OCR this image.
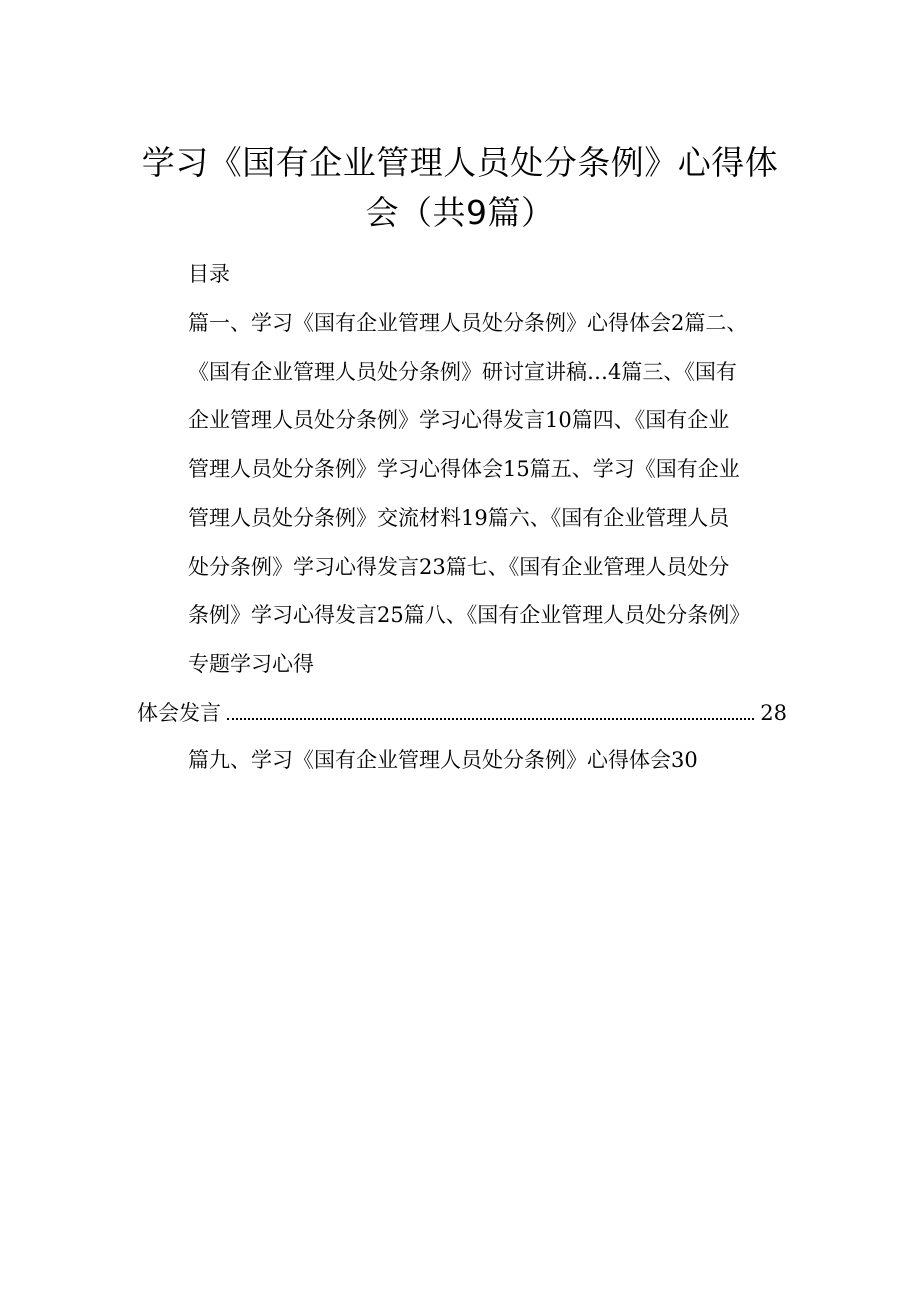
学习《国有企业管理人员处分条例》心得体
会（共9篇）

目录

篇一、学习《国有企业管理人员处分条例》心得体会2篇二、

《国有企业管理人员处分条例》研讨宣讲稿…4篇三、《国有

企业管理人员处分条例》学习心得发言10篇四、《国有企业

管理人员处分条例》学习心得体会15篇五、学习《国有企业

管理人员处分条例》交流材料19篇六、《国有企业管理人员

处分条例》学习心得发言23篇七、《国有企业管理人员处分

条例》学习心得发言25篇八、《国有企业管理人员处分条例》

专题学习心得

体会发言	28

篇九、学习《国有企业管理人员处分条例》心得体会30
